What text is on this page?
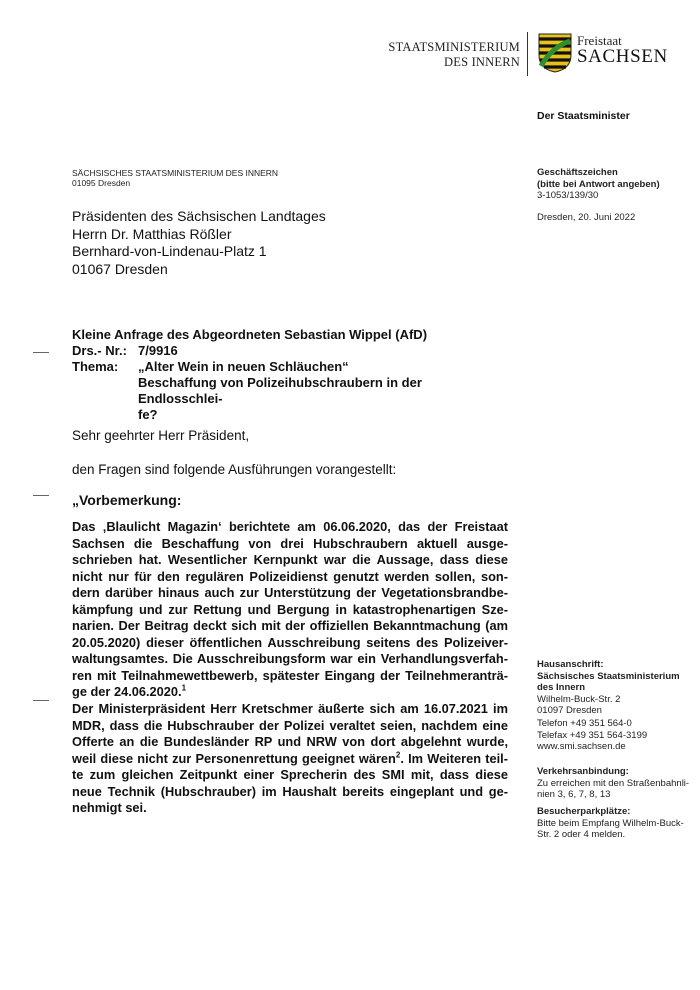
STAATSMINISTERIUM
DES INNERN
Freistaat
SACHSEN
Der Staatsminister
SÄCHSISCHES STAATSMINISTERIUM DES INNERN
01095 Dresden
Geschäftszeichen
(bitte bei Antwort angeben)
3-1053/139/30
Dresden, 20. Juni 2022
Präsidenten des Sächsischen Landtages
Herrn Dr. Matthias Rößler
Bernhard-von-Lindenau-Platz 1
01067 Dresden
Kleine Anfrage des Abgeordneten Sebastian Wippel (AfD)
Drs.- Nr.: 7/9916
Thema:	„Alter Wein in neuen Schläuchen“
Beschaffung von Polizeihubschraubern in der Endlosschlei-
fe?
Sehr geehrter Herr Präsident,
den Fragen sind folgende Ausführungen vorangestellt:
„Vorbemerkung:
Das ‚Blaulicht Magazin‘ berichtete am 06.06.2020, das der Freistaat Sachsen die Beschaffung von drei Hubschraubern aktuell ausgeschrieben hat. Wesentlicher Kernpunkt war die Aussage, dass diese nicht nur für den regulären Polizeidienst genutzt werden sollen, sondern darüber hinaus auch zur Unterstützung der Vegetationsbrandbekämpfung und zur Rettung und Bergung in katastrophenartigen Szenarien. Der Beitrag deckt sich mit der offiziellen Bekanntmachung (am 20.05.2020) dieser öffentlichen Ausschreibung seitens des Polizeiverwaltungsamtes. Die Ausschreibungsform war ein Verhandlungsverfahren mit Teilnahmewettbewerb, spätester Eingang der Teilnehmeranträge der 24.06.2020.$^1$
Der Ministerpräsident Herr Kretschmer äußerte sich am 16.07.2021 im MDR, dass die Hubschrauber der Polizei veraltet seien, nachdem eine Offerte an die Bundesländer RP und NRW von dort abgelehnt wurde, weil diese nicht zur Personenrettung geeignet wären$^2$. Im Weiteren teilte zum gleichen Zeitpunkt einer Sprecherin des SMI mit, dass diese neue Technik (Hubschrauber) im Haushalt bereits eingeplant und genehmigt sei.
Hausanschrift:
Sächsisches Staatsministerium
des Innern
Wilhelm-Buck-Str. 2
01097 Dresden
Telefon +49 351 564-0
Telefax +49 351 564-3199
www.smi.sachsen.de
Verkehrsanbindung:
Zu erreichen mit den Straßenbahnli-
nien 3, 6, 7, 8, 13
Besucherparkplätze:
Bitte beim Empfang Wilhelm-Buck-
Str. 2 oder 4 melden.
